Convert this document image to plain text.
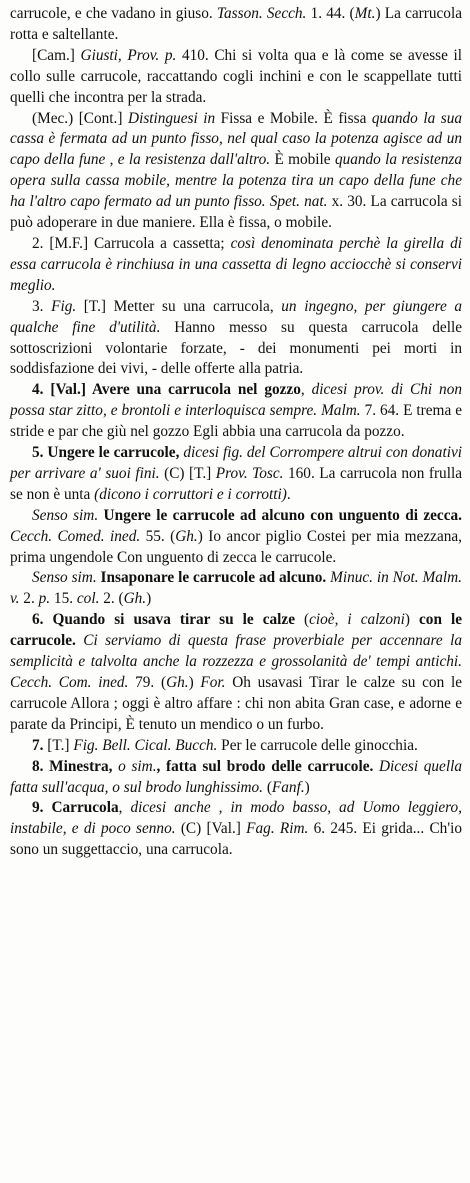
carrucole, e che vadano in giuso. Tasson. Secch. 1. 44. (Mt.) La carrucola rotta e saltellante.

[Cam.] Giusti, Prov. p. 410. Chi si volta qua e là come se avesse il collo sulle carrucole, raccattando cogli inchini e con le scappellate tutti quelli che incontra per la strada.

(Mec.) [Cont.] Distinguesi in Fissa e Mobile. È fissa quando la sua cassa è fermata ad un punto fisso, nel qual caso la potenza agisce ad un capo della fune , e la resistenza dall'altro. È mobile quando la resistenza opera sulla cassa mobile, mentre la potenza tira un capo della fune che ha l'altro capo fermato ad un punto fisso. Spet. nat. x. 30. La carrucola si può adoperare in due maniere. Ella è fissa, o mobile.

2. [M.F.] Carrucola a cassetta; così denominata perchè la girella di essa carrucola è rinchiusa in una cassetta di legno acciocchè si conservi meglio.

3. Fig. [T.] Metter su una carrucola, un ingegno, per giungere a qualche fine d'utilità. Hanno messo su questa carrucola delle sottoscrizioni volontarie forzate, - dei monumenti pei morti in soddisfazione dei vivi, - delle offerte alla patria.

4. [Val.] Avere una carrucola nel gozzo, dicesi prov. di Chi non possa star zitto, e brontoli e interloquisca sempre. Malm. 7. 64. E trema e stride e par che giù nel gozzo Egli abbia una carrucola da pozzo.

5. Ungere le carrucole, dicesi fig. del Corrompere altrui con donativi per arrivare a' suoi fini. (C) [T.] Prov. Tosc. 160. La carrucola non frulla se non è unta (dicono i corruttori e i corrotti).

Senso sim. Ungere le carrucole ad alcuno con unguento di zecca. Cecch. Comed. ined. 55. (Gh.) Io ancor piglio Costei per mia mezzana, prima ungendole Con unguento di zecca le carrucole.

Senso sim. Insaponare le carrucole ad alcuno. Minuc. in Not. Malm. v. 2. p. 15. col. 2. (Gh.)

6. Quando si usava tirar su le calze (cioè, i calzoni) con le carrucole. Ci serviamo di questa frase proverbiale per accennare la semplicità e talvolta anche la rozzezza e grossolanità de' tempi antichi. Cecch. Com. ined. 79. (Gh.) For. Oh usavasi Tirar le calze su con le carrucole Allora ; oggi è altro affare : chi non abita Gran case, e adorne e parate da Principi, È tenuto un mendico o un furbo.

7. [T.] Fig. Bell. Cical. Bucch. Per le carrucole delle ginocchia.

8. Minestra, o sim., fatta sul brodo delle carrucole. Dicesi quella fatta sull'acqua, o sul brodo lunghissimo. (Fanf.)

9. Carrucola, dicesi anche , in modo basso, ad Uomo leggiero, instabile, e di poco senno. (C) [Val.] Fag. Rim. 6. 245. Ei grida... Ch'io sono un suggettaccio, una carrucola.
